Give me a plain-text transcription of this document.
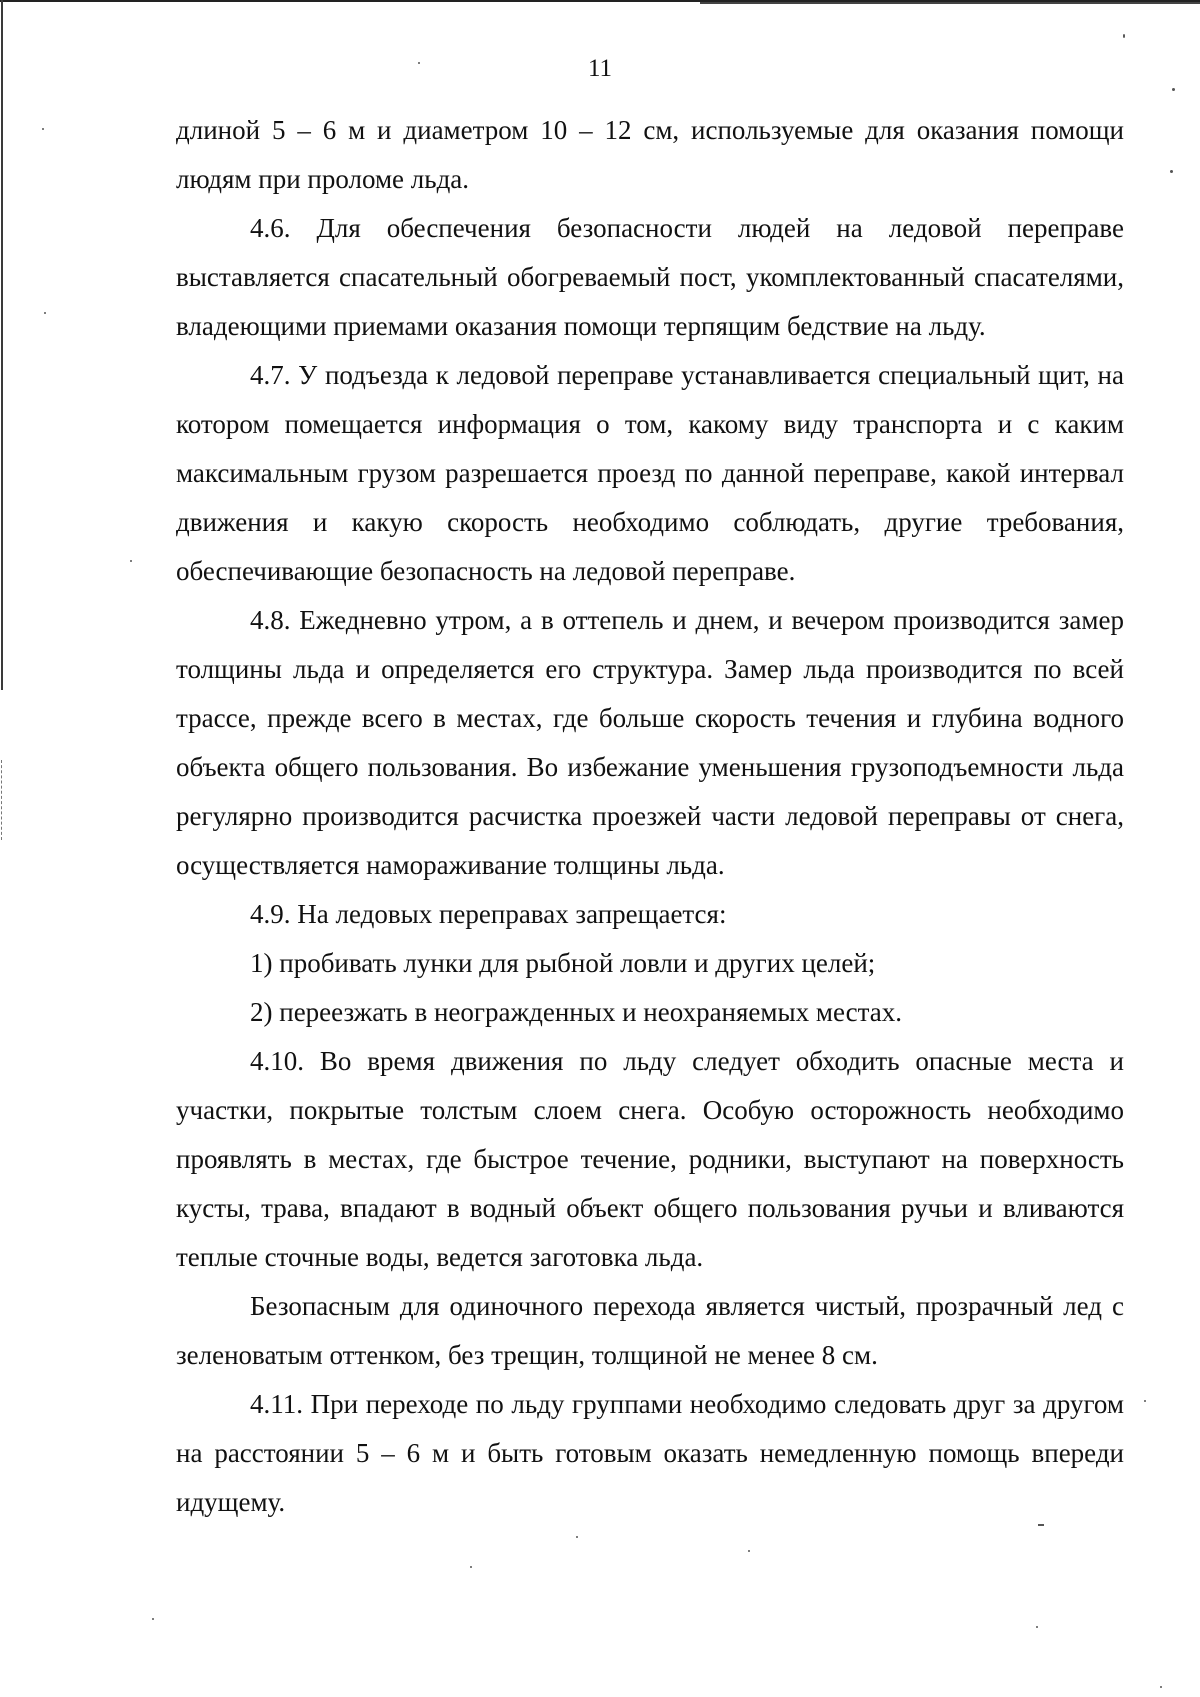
11

длиной 5 – 6 м и диаметром 10 – 12 см, используемые для оказания помощи людям при проломе льда.

4.6. Для обеспечения безопасности людей на ледовой переправе выставляется спасательный обогреваемый пост, укомплектованный спасателями, владеющими приемами оказания помощи терпящим бедствие на льду.

4.7. У подъезда к ледовой переправе устанавливается специальный щит, на котором помещается информация о том, какому виду транспорта и с каким максимальным грузом разрешается проезд по данной переправе, какой интервал движения и какую скорость необходимо соблюдать, другие требования, обеспечивающие безопасность на ледовой переправе.

4.8. Ежедневно утром, а в оттепель и днем, и вечером производится замер толщины льда и определяется его структура. Замер льда производится по всей трассе, прежде всего в местах, где больше скорость течения и глубина водного объекта общего пользования. Во избежание уменьшения грузоподъемности льда регулярно производится расчистка проезжей части ледовой переправы от снега, осуществляется намораживание толщины льда.

4.9. На ледовых переправах запрещается:

1) пробивать лунки для рыбной ловли и других целей;

2) переезжать в неогражденных и неохраняемых местах.

4.10. Во время движения по льду следует обходить опасные места и участки, покрытые толстым слоем снега. Особую осторожность необходимо проявлять в местах, где быстрое течение, родники, выступают на поверхность кусты, трава, впадают в водный объект общего пользования ручьи и вливаются теплые сточные воды, ведется заготовка льда.

Безопасным для одиночного перехода является чистый, прозрачный лед с зеленоватым оттенком, без трещин, толщиной не менее 8 см.

4.11. При переходе по льду группами необходимо следовать друг за другом на расстоянии 5 – 6 м и быть готовым оказать немедленную помощь впереди идущему.
